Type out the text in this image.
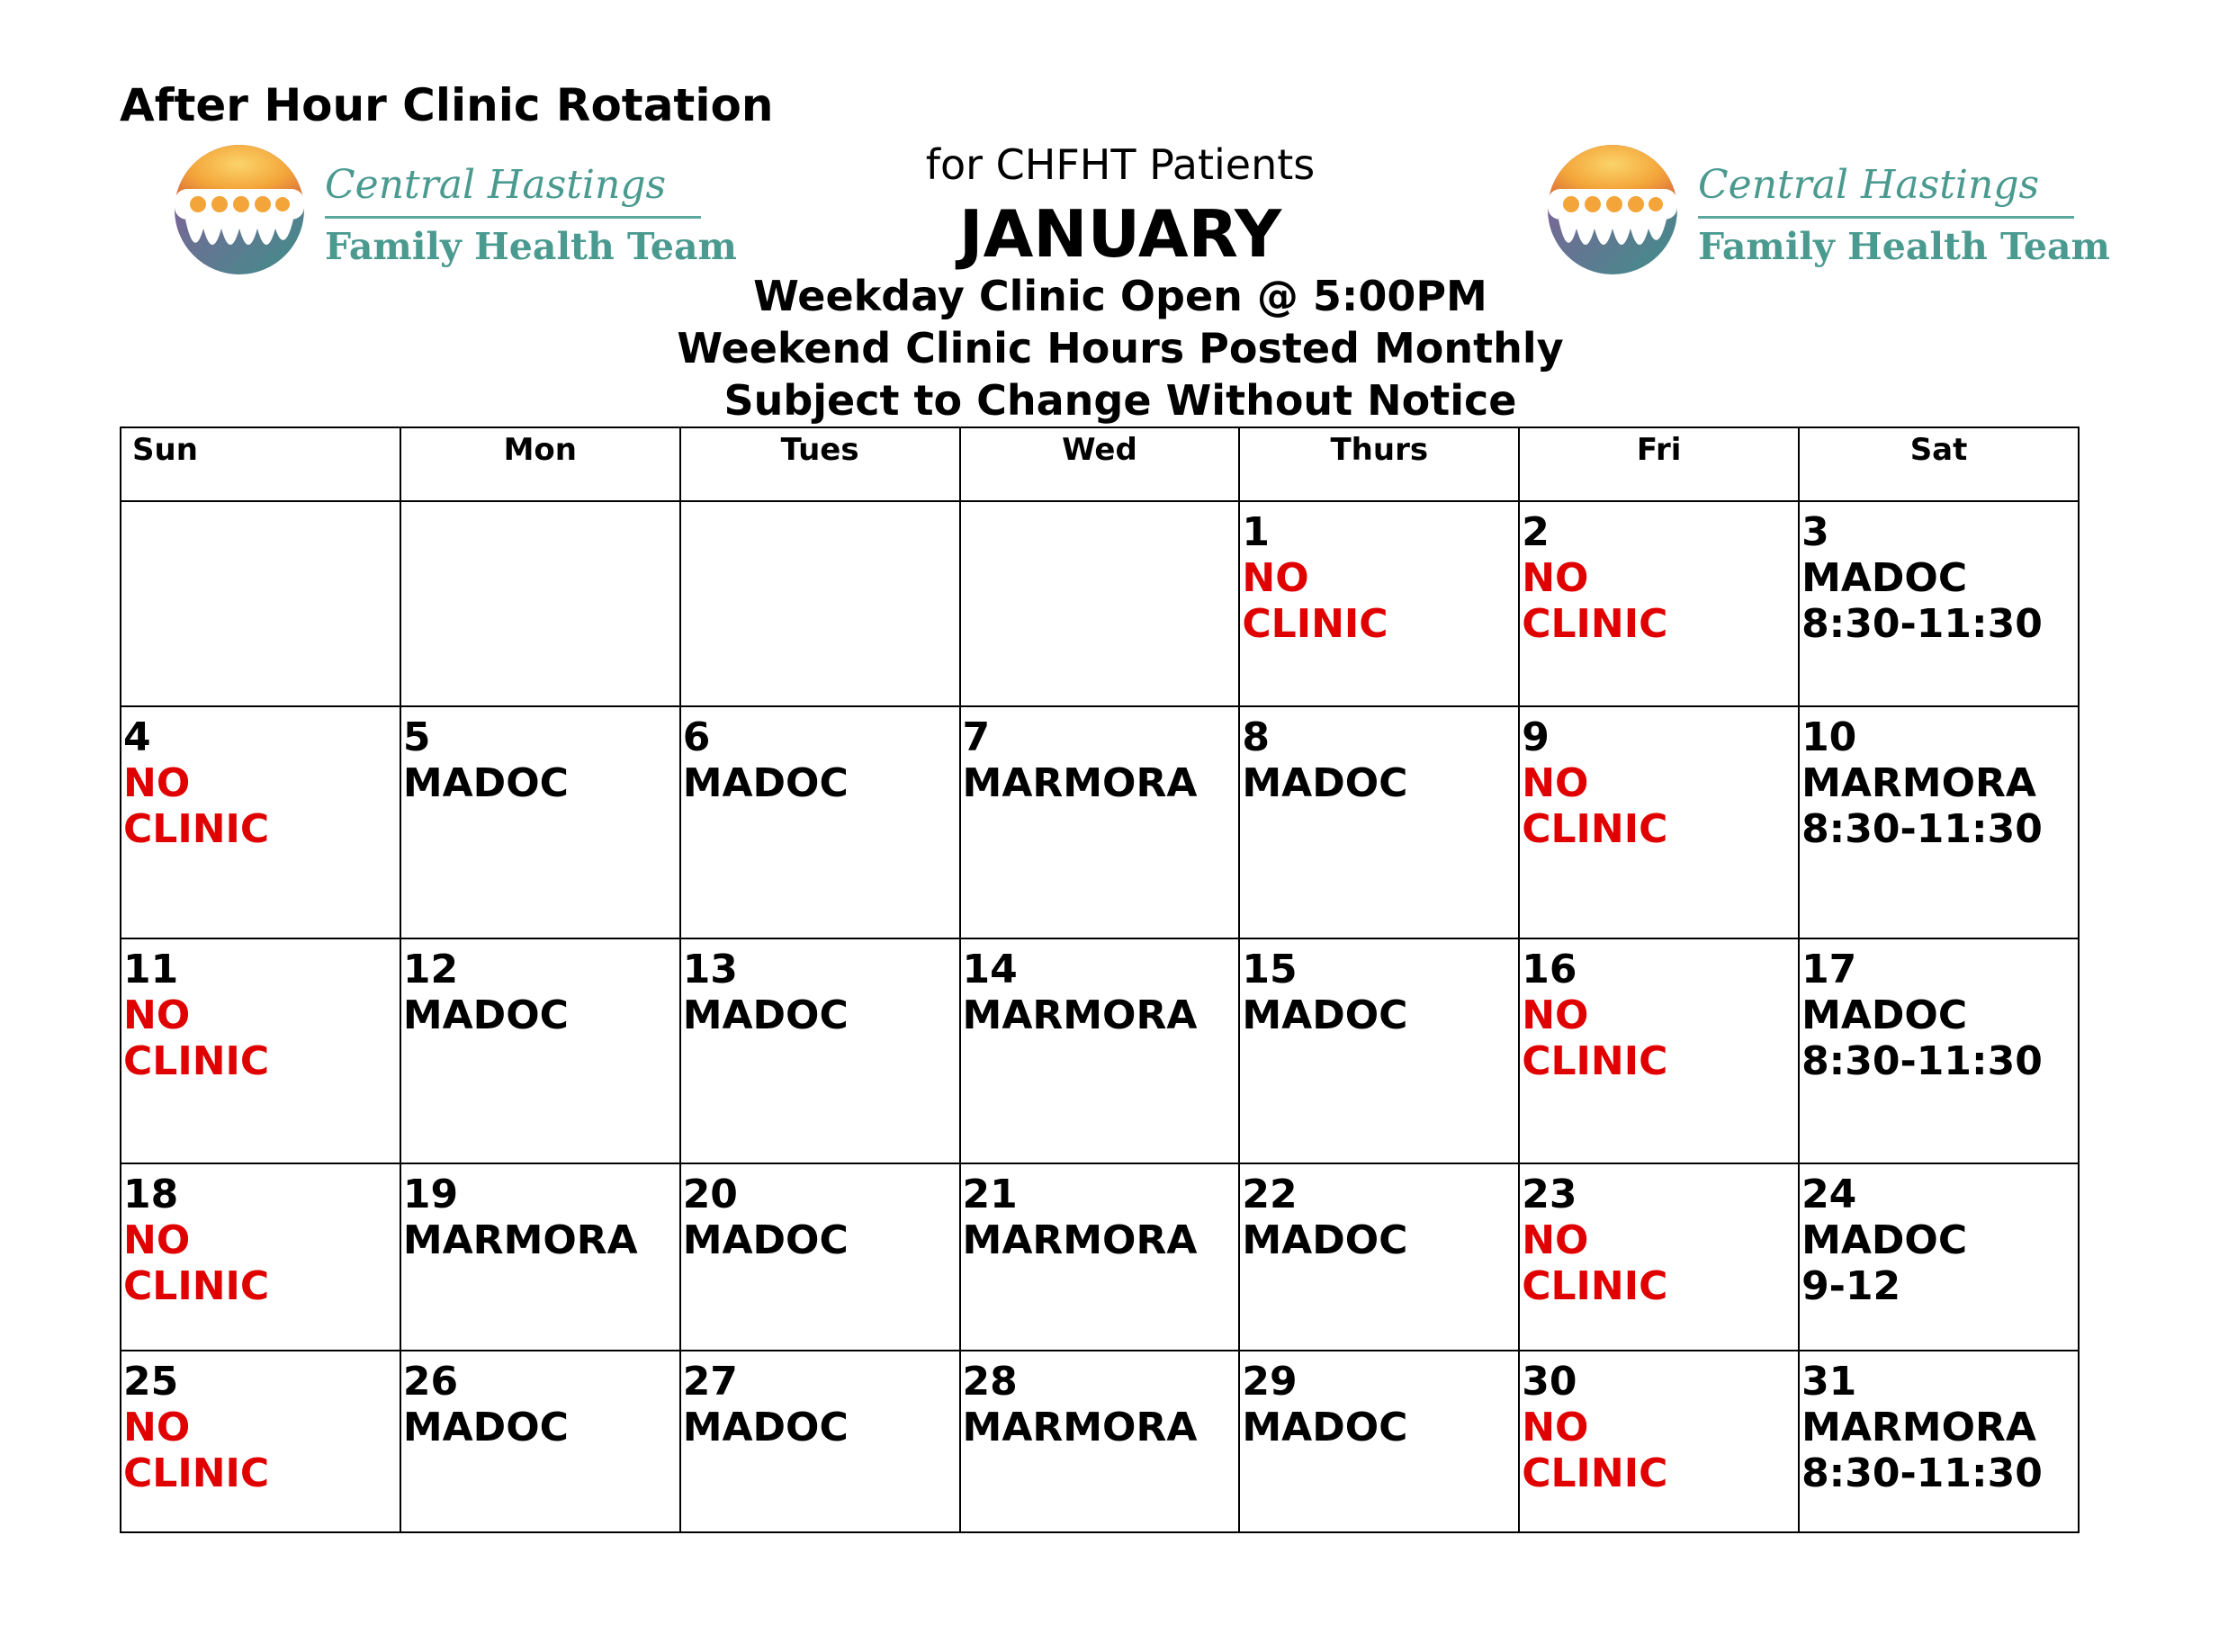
After Hour Clinic Rotation
Central Hastings
Family Health Team
Central Hastings
Family Health Team
for CHFHT Patients
JANUARY
Weekday Clinic Open @ 5:00PM
Weekend Clinic Hours Posted Monthly
Subject to Change Without Notice
Sun	Mon	Tues	Wed	Thurs	Fri	Sat

				1
NO
CLINIC	2
NO
CLINIC	3
MADOC
8:30-11:30

4
NO
CLINIC	5
MADOC	6
MADOC	7
MARMORA	8
MADOC	9
NO
CLINIC	10
MARMORA
8:30-11:30

11
NO
CLINIC	12
MADOC	13
MADOC	14
MARMORA	15
MADOC	16
NO
CLINIC	17
MADOC
8:30-11:30

18
NO
CLINIC	19
MARMORA	20
MADOC	21
MARMORA	22
MADOC	23
NO
CLINIC	24
MADOC
9-12

25
NO
CLINIC	26
MADOC	27
MADOC	28
MARMORA	29
MADOC	30
NO
CLINIC	31
MARMORA
8:30-11:30
